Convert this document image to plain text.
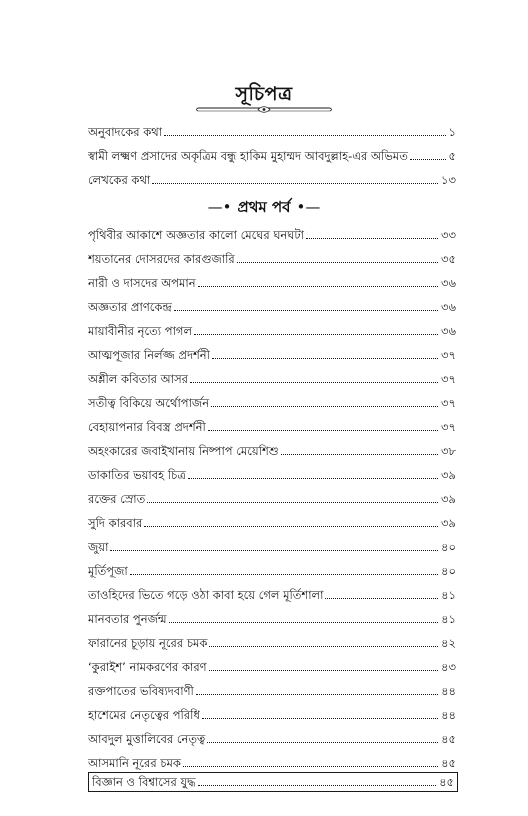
সূচিপত্র
অনুবাদকের কথা	১
স্বামী লক্ষ্মণ প্রসাদের অকৃত্রিম বন্ধু হাকিম মুহাম্মদ আবদুল্লাহ-এর অভিমত	৫
লেখকের কথা	১৩
—• প্রথম পর্ব •—
পৃথিবীর আকাশে অজ্ঞতার কালো মেঘের ঘনঘটা	৩৩
শয়তানের দোসরদের কারগুজারি	৩৫
নারী ও দাসদের অপমান	৩৬
অজ্ঞতার প্রাণকেন্দ্র	৩৬
মায়াবীনীর নৃত্যে পাগল	৩৬
আত্মপূজার নির্লজ্জ প্রদর্শনী	৩৭
অশ্লীল কবিতার আসর	৩৭
সতীত্ব বিকিয়ে অর্থোপার্জন	৩৭
বেহায়াপনার বিবস্ত্র প্রদর্শনী	৩৭
অহংকারের জবাইখানায় নিষ্পাপ মেয়েশিশু	৩৮
ডাকাতির ভয়াবহ চিত্র	৩৯
রক্তের স্রোত	৩৯
সুদি কারবার	৩৯
জুয়া	৪০
মূর্তিপূজা	৪০
তাওহিদের ভিতে গড়ে ওঠা কাবা হয়ে গেল মূর্তিশালা	৪১
মানবতার পুনর্জন্ম	৪১
ফারানের চূড়ায় নূরের চমক	৪২
‘কুরাইশ’ নামকরণের কারণ	৪৩
রক্তপাতের ভবিষ্যদবাণী	৪৪
হাশেমের নেতৃত্বের পরিধি	৪৪
আবদুল মুত্তালিবের নেতৃত্ব	৪৫
আসমানি নূরের চমক	৪৫
বিজ্ঞান ও বিশ্বাসের যুদ্ধ	৪৫
